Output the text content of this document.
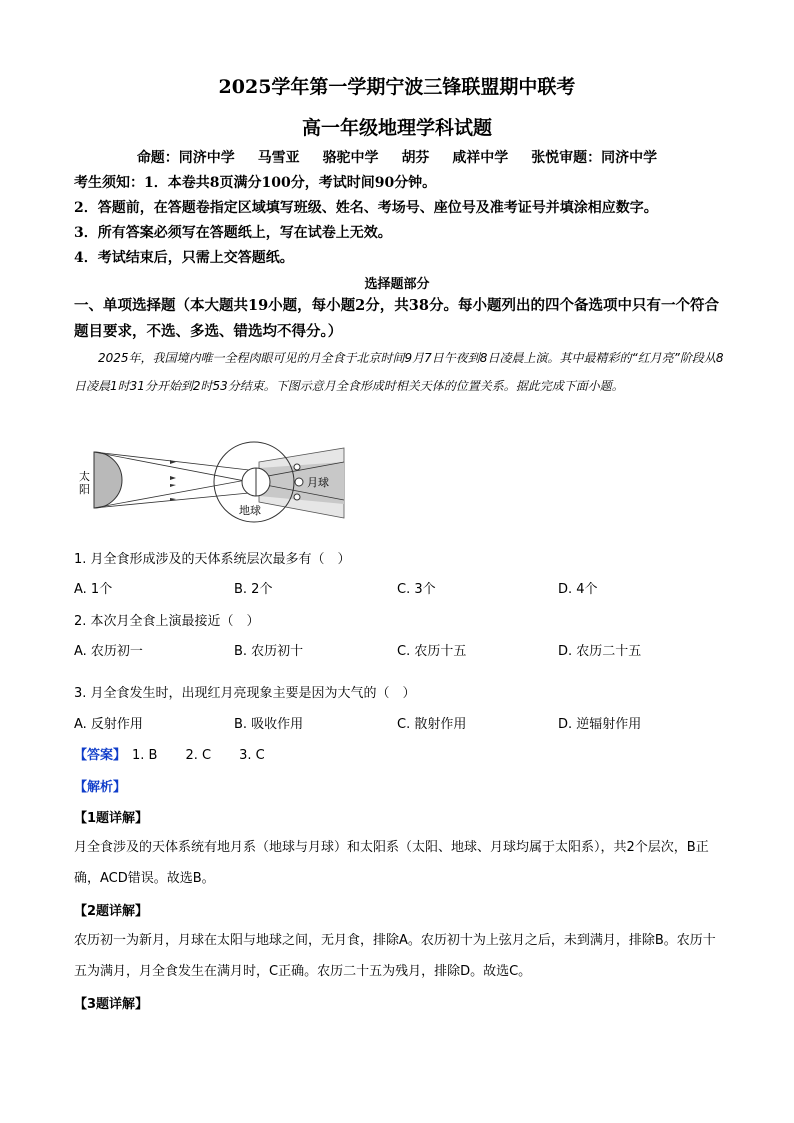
2025学年第一学期宁波三锋联盟期中联考
高一年级地理学科试题
命题：同济中学 马雪亚 骆驼中学 胡芬 咸祥中学 张悦审题：同济中学
考生须知：1．本卷共8页满分100分，考试时间90分钟。
2．答题前，在答题卷指定区域填写班级、姓名、考场号、座位号及准考证号并填涂相应数字。
3．所有答案必须写在答题纸上，写在试卷上无效。
4．考试结束后，只需上交答题纸。
选择题部分
一、单项选择题（本大题共19小题，每小题2分，共38分。每小题列出的四个备选项中只有一个符合题目要求，不选、多选、错选均不得分。）
2025年，我国境内唯一全程肉眼可见的月全食于北京时间9月7日午夜到8日凌晨上演。其中最精彩的“红月亮”阶段从8日凌晨1时31分开始到2时53分结束。下图示意月全食形成时相关天体的位置关系。据此完成下面小题。
太 阳
地球
月球
1. 月全食形成涉及的天体系统层次最多有（　）
A. 1个	B. 2个	C. 3个	D. 4个
2. 本次月全食上演最接近（　）
A. 农历初一	B. 农历初十	C. 农历十五	D. 农历二十五
3. 月全食发生时，出现红月亮现象主要是因为大气的（　）
A. 反射作用	B. 吸收作用	C. 散射作用	D. 逆辐射作用
【答案】 1. B 2. C 3. C
【解析】
【1题详解】
月全食涉及的天体系统有地月系（地球与月球）和太阳系（太阳、地球、月球均属于太阳系），共2个层次，B正确，ACD错误。故选B。
【2题详解】
农历初一为新月，月球在太阳与地球之间，无月食，排除A。农历初十为上弦月之后，未到满月，排除B。农历十五为满月，月全食发生在满月时，C正确。农历二十五为残月，排除D。故选C。
【3题详解】
